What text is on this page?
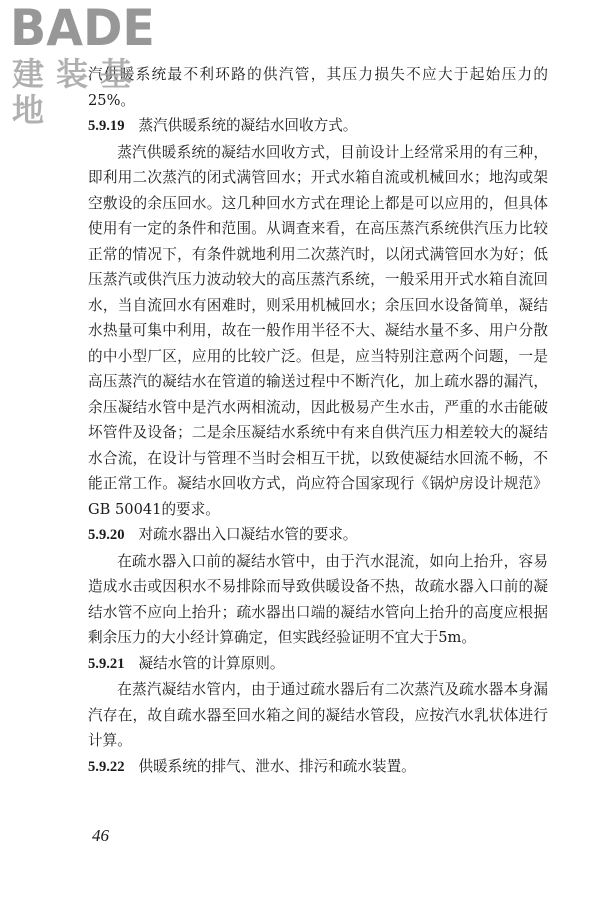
BADE
建装基地

汽供暖系统最不利环路的供汽管，其压力损失不应大于起始压力的25%。

5.9.19 蒸汽供暖系统的凝结水回收方式。

蒸汽供暖系统的凝结水回收方式，目前设计上经常采用的有三种，即利用二次蒸汽的闭式满管回水；开式水箱自流或机械回水；地沟或架空敷设的余压回水。这几种回水方式在理论上都是可以应用的，但具体使用有一定的条件和范围。从调查来看，在高压蒸汽系统供汽压力比较正常的情况下，有条件就地利用二次蒸汽时，以闭式满管回水为好；低压蒸汽或供汽压力波动较大的高压蒸汽系统，一般采用开式水箱自流回水，当自流回水有困难时，则采用机械回水；余压回水设备简单，凝结水热量可集中利用，故在一般作用半径不大、凝结水量不多、用户分散的中小型厂区，应用的比较广泛。但是，应当特别注意两个问题，一是高压蒸汽的凝结水在管道的输送过程中不断汽化，加上疏水器的漏汽，余压凝结水管中是汽水两相流动，因此极易产生水击，严重的水击能破坏管件及设备；二是余压凝结水系统中有来自供汽压力相差较大的凝结水合流，在设计与管理不当时会相互干扰，以致使凝结水回流不畅，不能正常工作。凝结水回收方式，尚应符合国家现行《锅炉房设计规范》GB 50041的要求。

5.9.20 对疏水器出入口凝结水管的要求。

在疏水器入口前的凝结水管中，由于汽水混流，如向上抬升，容易造成水击或因积水不易排除而导致供暖设备不热，故疏水器入口前的凝结水管不应向上抬升；疏水器出口端的凝结水管向上抬升的高度应根据剩余压力的大小经计算确定，但实践经验证明不宜大于5m。

5.9.21 凝结水管的计算原则。

在蒸汽凝结水管内，由于通过疏水器后有二次蒸汽及疏水器本身漏汽存在，故自疏水器至回水箱之间的凝结水管段，应按汽水乳状体进行计算。

5.9.22 供暖系统的排气、泄水、排污和疏水装置。
46
